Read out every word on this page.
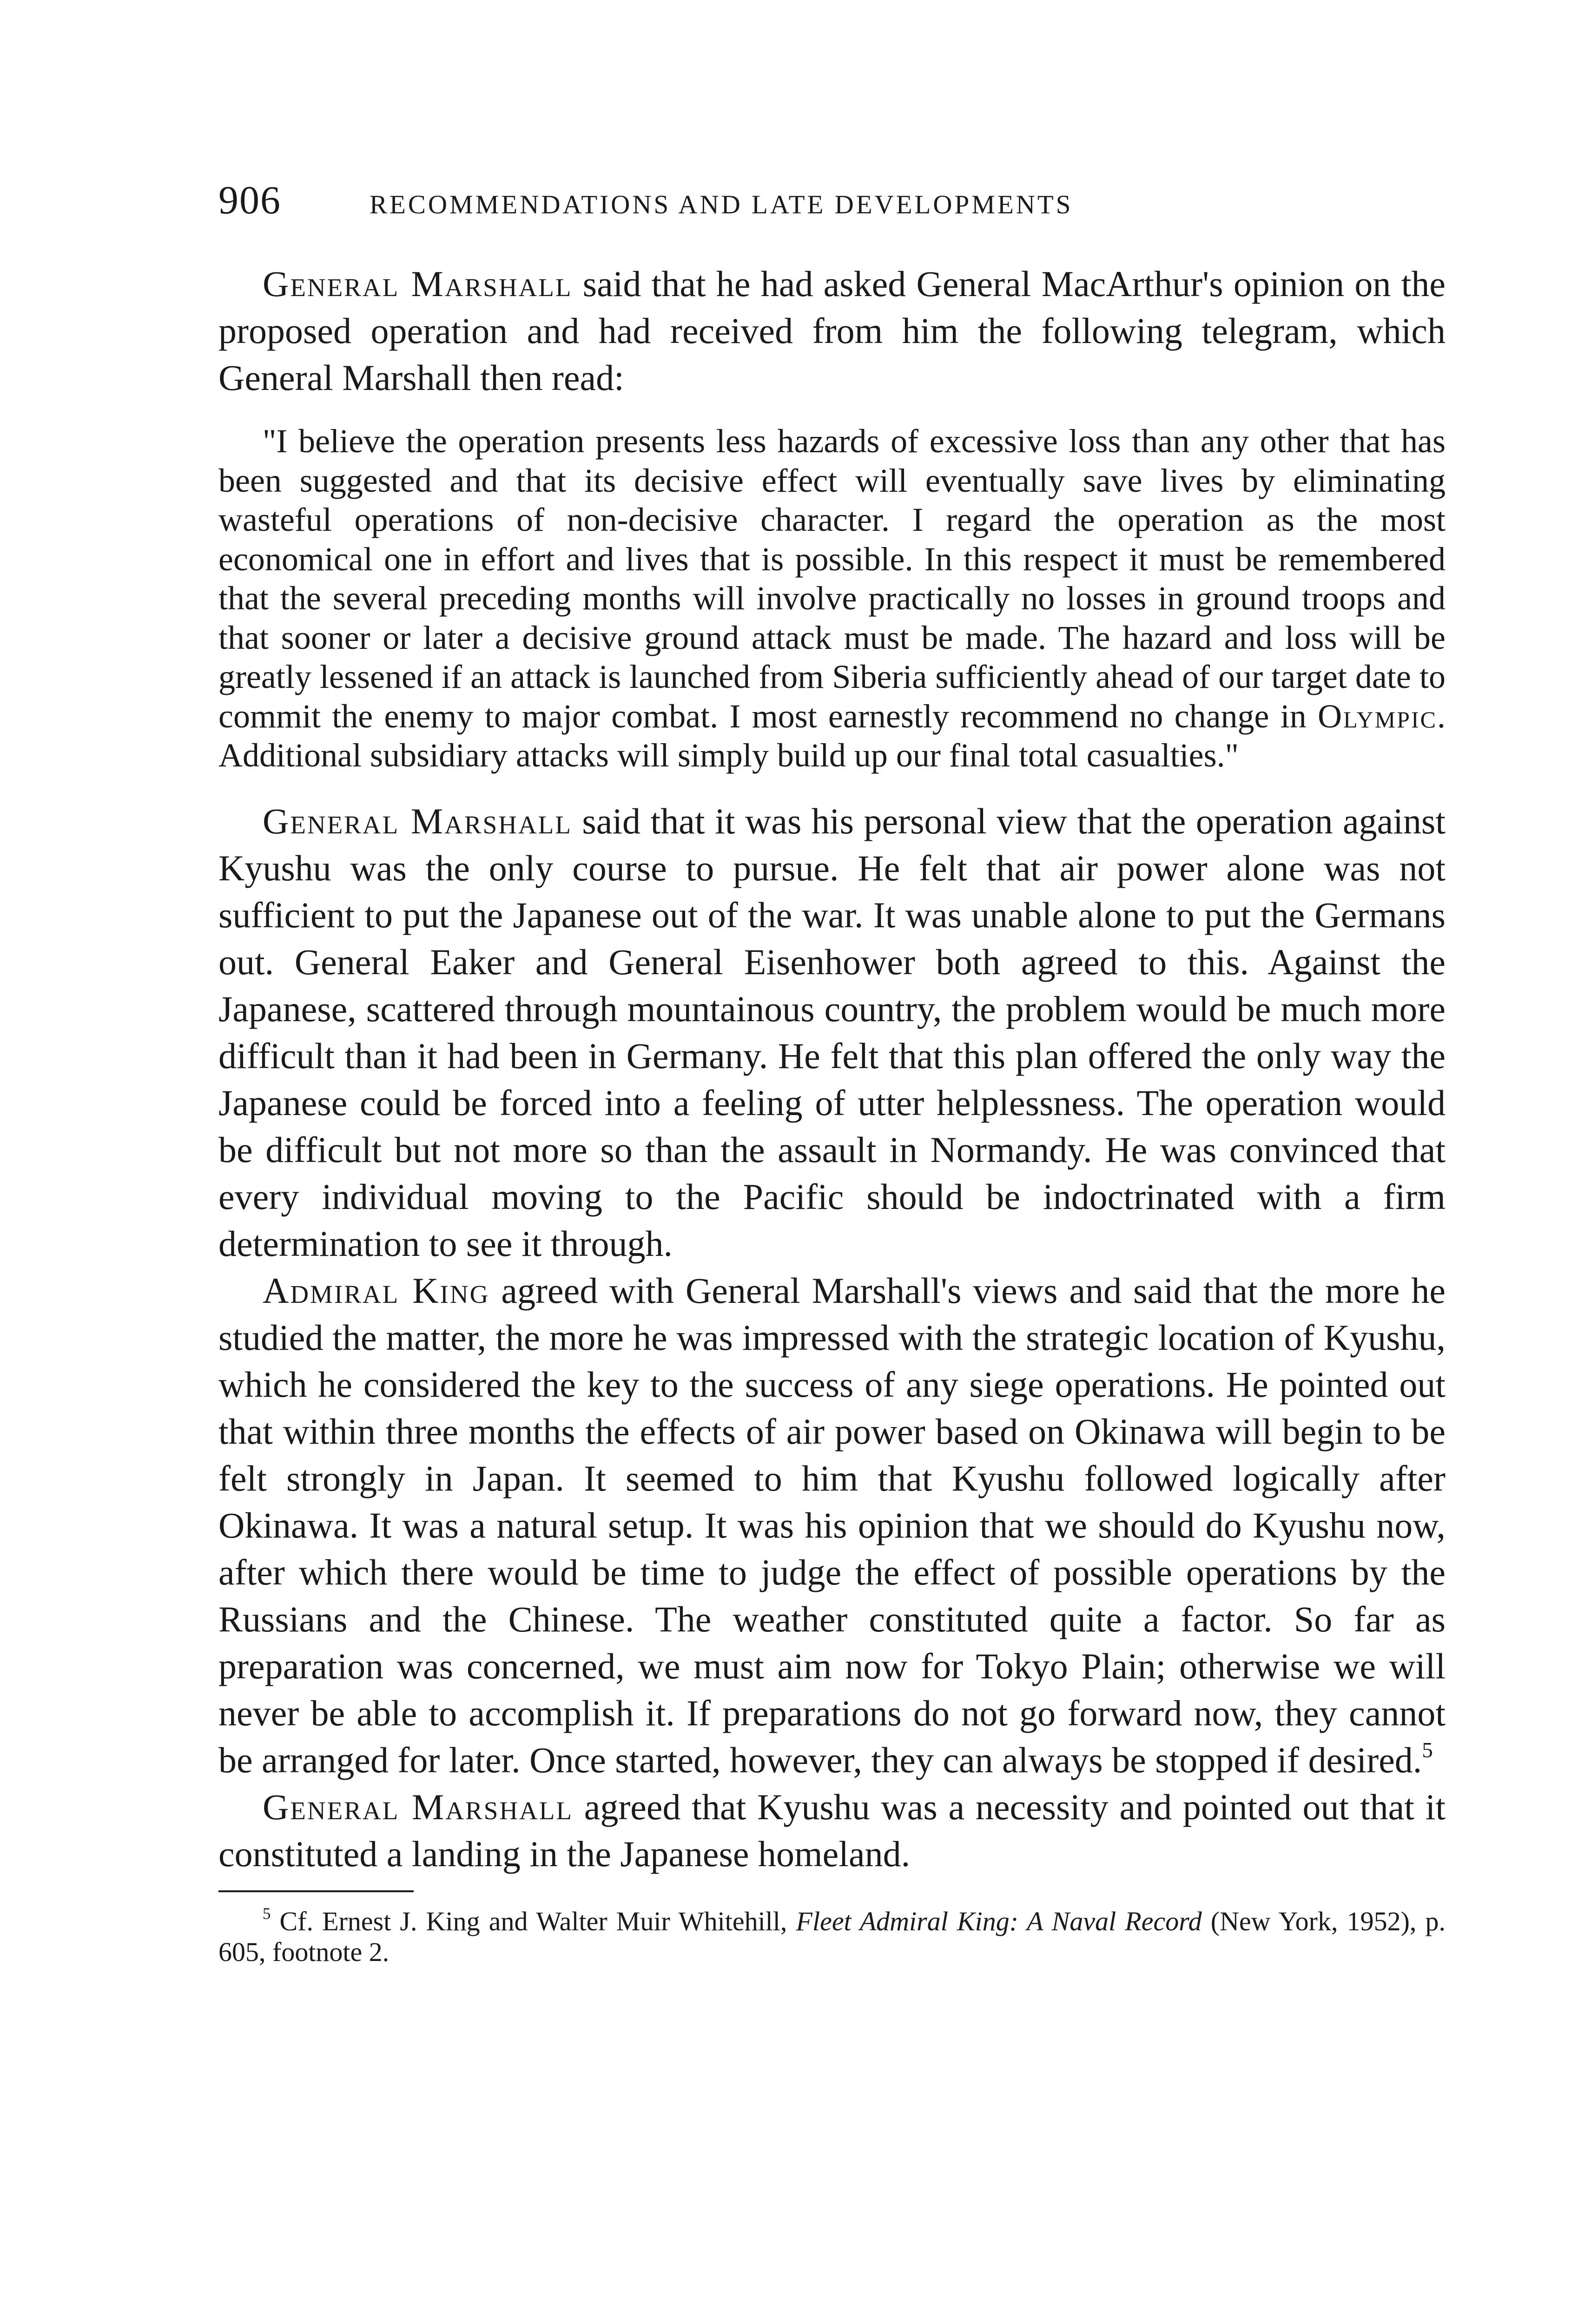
906	RECOMMENDATIONS AND LATE DEVELOPMENTS

General Marshall said that he had asked General MacArthur's opinion on the proposed operation and had received from him the following telegram, which General Marshall then read:

"I believe the operation presents less hazards of excessive loss than any other that has been suggested and that its decisive effect will eventually save lives by eliminating wasteful operations of non-decisive character. I regard the operation as the most economical one in effort and lives that is possible. In this respect it must be remembered that the several preceding months will involve practically no losses in ground troops and that sooner or later a decisive ground attack must be made. The hazard and loss will be greatly lessened if an attack is launched from Siberia sufficiently ahead of our target date to commit the enemy to major combat. I most earnestly recommend no change in Olympic. Additional subsidiary attacks will simply build up our final total casualties."

General Marshall said that it was his personal view that the operation against Kyushu was the only course to pursue. He felt that air power alone was not sufficient to put the Japanese out of the war. It was unable alone to put the Germans out. General Eaker and General Eisenhower both agreed to this. Against the Japanese, scattered through mountainous country, the problem would be much more difficult than it had been in Germany. He felt that this plan offered the only way the Japanese could be forced into a feeling of utter helplessness. The operation would be difficult but not more so than the assault in Normandy. He was convinced that every individual moving to the Pacific should be indoctrinated with a firm determination to see it through.

Admiral King agreed with General Marshall's views and said that the more he studied the matter, the more he was impressed with the strategic location of Kyushu, which he considered the key to the success of any siege operations. He pointed out that within three months the effects of air power based on Okinawa will begin to be felt strongly in Japan. It seemed to him that Kyushu followed logically after Okinawa. It was a natural setup. It was his opinion that we should do Kyushu now, after which there would be time to judge the effect of possible operations by the Russians and the Chinese. The weather constituted quite a factor. So far as preparation was concerned, we must aim now for Tokyo Plain; otherwise we will never be able to accomplish it. If preparations do not go forward now, they cannot be arranged for later. Once started, however, they can always be stopped if desired.$^5$

General Marshall agreed that Kyushu was a necessity and pointed out that it constituted a landing in the Japanese homeland.

$^5$ Cf. Ernest J. King and Walter Muir Whitehill, Fleet Admiral King: A Naval Record (New York, 1952), p. 605, footnote 2.
